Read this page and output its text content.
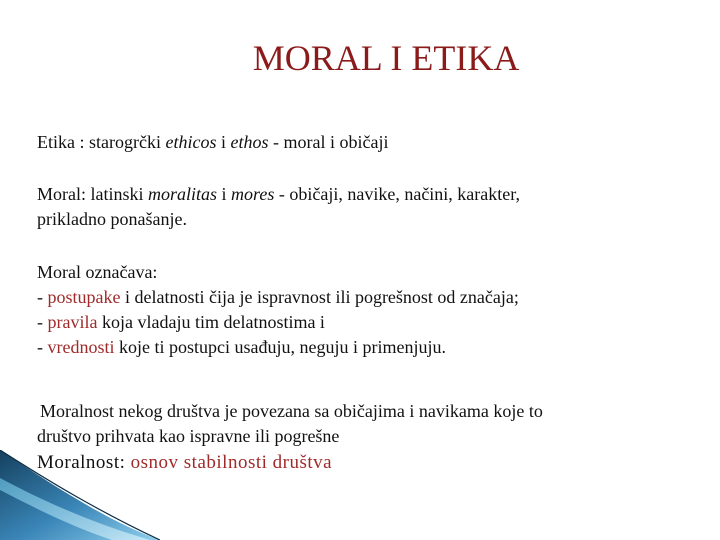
MORAL I ETIKA
Etika : starogrčki ethicos i ethos - moral i običaji
Moral: latinski moralitas i mores - običaji, navike, načini, karakter,
prikladno ponašanje.
Moral označava:
- postupake i delatnosti čija je ispravnost ili pogrešnost od značaja;
- pravila koja vladaju tim delatnostima i
- vrednosti koje ti postupci usađuju, neguju i primenjuju.
Moralnost nekog društva je povezana sa običajima i navikama koje to
društvo prihvata kao ispravne ili pogrešne
Moralnost: osnov stabilnosti društva
